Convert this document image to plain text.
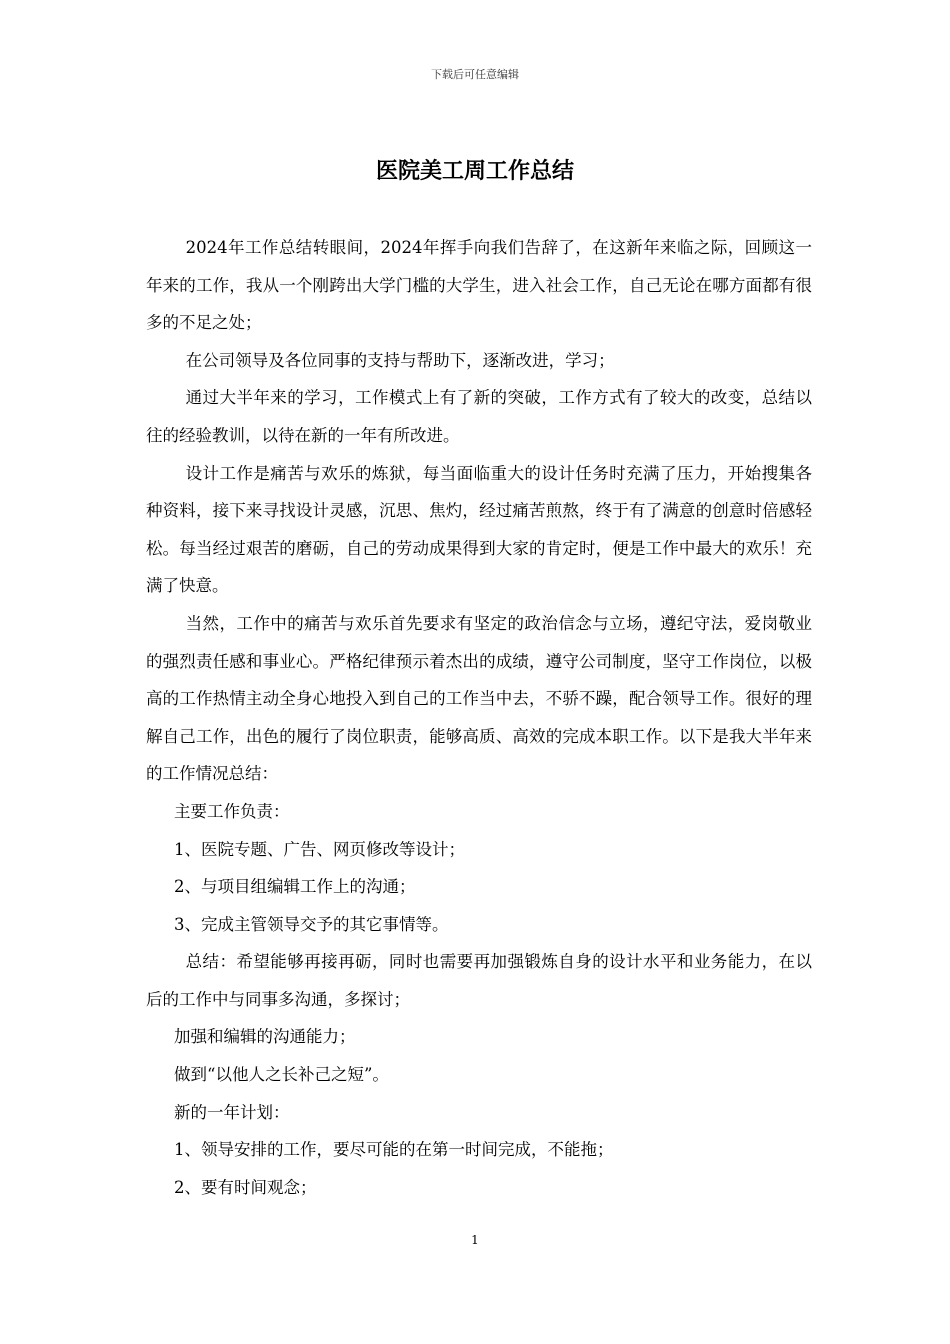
下载后可任意编辑
医院美工周工作总结

2024年工作总结转眼间，2024年挥手向我们告辞了，在这新年来临之际，回顾这一年来的工作，我从一个刚跨出大学门槛的大学生，进入社会工作，自己无论在哪方面都有很多的不足之处；

在公司领导及各位同事的支持与帮助下，逐渐改进，学习；

通过大半年来的学习，工作模式上有了新的突破，工作方式有了较大的改变，总结以往的经验教训，以待在新的一年有所改进。

设计工作是痛苦与欢乐的炼狱，每当面临重大的设计任务时充满了压力，开始搜集各种资料，接下来寻找设计灵感，沉思、焦灼，经过痛苦煎熬，终于有了满意的创意时倍感轻松。每当经过艰苦的磨砺，自己的劳动成果得到大家的肯定时，便是工作中最大的欢乐！充满了快意。

当然，工作中的痛苦与欢乐首先要求有坚定的政治信念与立场，遵纪守法，爱岗敬业的强烈责任感和事业心。严格纪律预示着杰出的成绩，遵守公司制度，坚守工作岗位，以极高的工作热情主动全身心地投入到自己的工作当中去，不骄不躁，配合领导工作。很好的理解自己工作，出色的履行了岗位职责，能够高质、高效的完成本职工作。以下是我大半年来的工作情况总结：

主要工作负责：

1、医院专题、广告、网页修改等设计；

2、与项目组编辑工作上的沟通；

3、完成主管领导交予的其它事情等。

总结：希望能够再接再砺，同时也需要再加强锻炼自身的设计水平和业务能力，在以后的工作中与同事多沟通，多探讨；

加强和编辑的沟通能力；

做到“以他人之长补己之短”。

新的一年计划：

1、领导安排的工作，要尽可能的在第一时间完成，不能拖；

2、要有时间观念；

1
